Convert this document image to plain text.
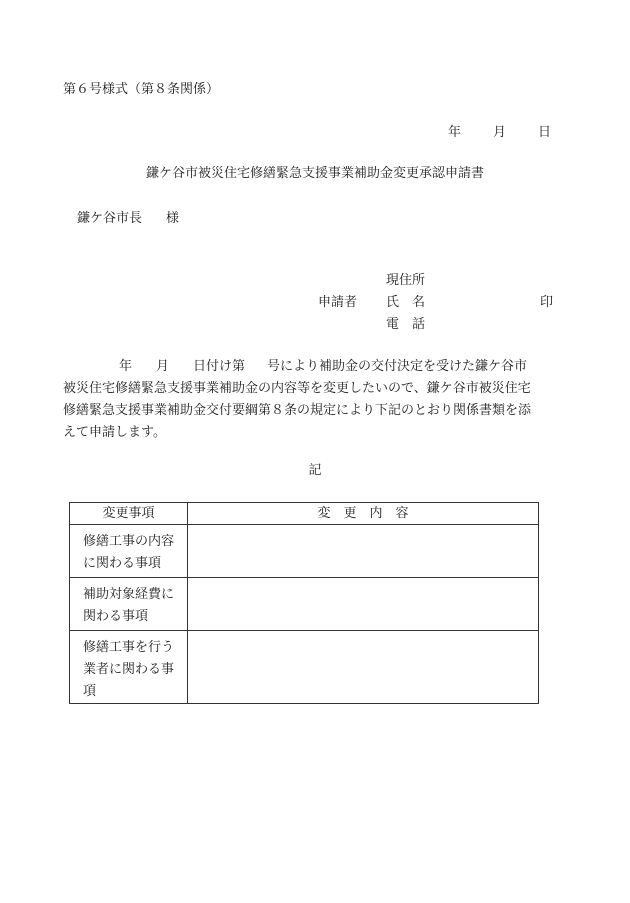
第６号様式（第８条関係）
年 月 日
鎌ケ谷市被災住宅修繕緊急支援事業補助金変更承認申請書
鎌ケ谷市長 様
現住所
申請者 氏　名	印
電　話
年 月 日付け第 号により補助金の交付決定を受けた鎌ケ谷市
被災住宅修繕緊急支援事業補助金の内容等を変更したいので、鎌ケ谷市被災住宅
修繕緊急支援事業補助金交付要綱第８条の規定により下記のとおり関係書類を添
えて申請します。
記
変更事項	変　更　内　容

修繕工事の内容
に関わる事項	

補助対象経費に
関わる事項	

修繕工事を行う
業者に関わる事
項	
